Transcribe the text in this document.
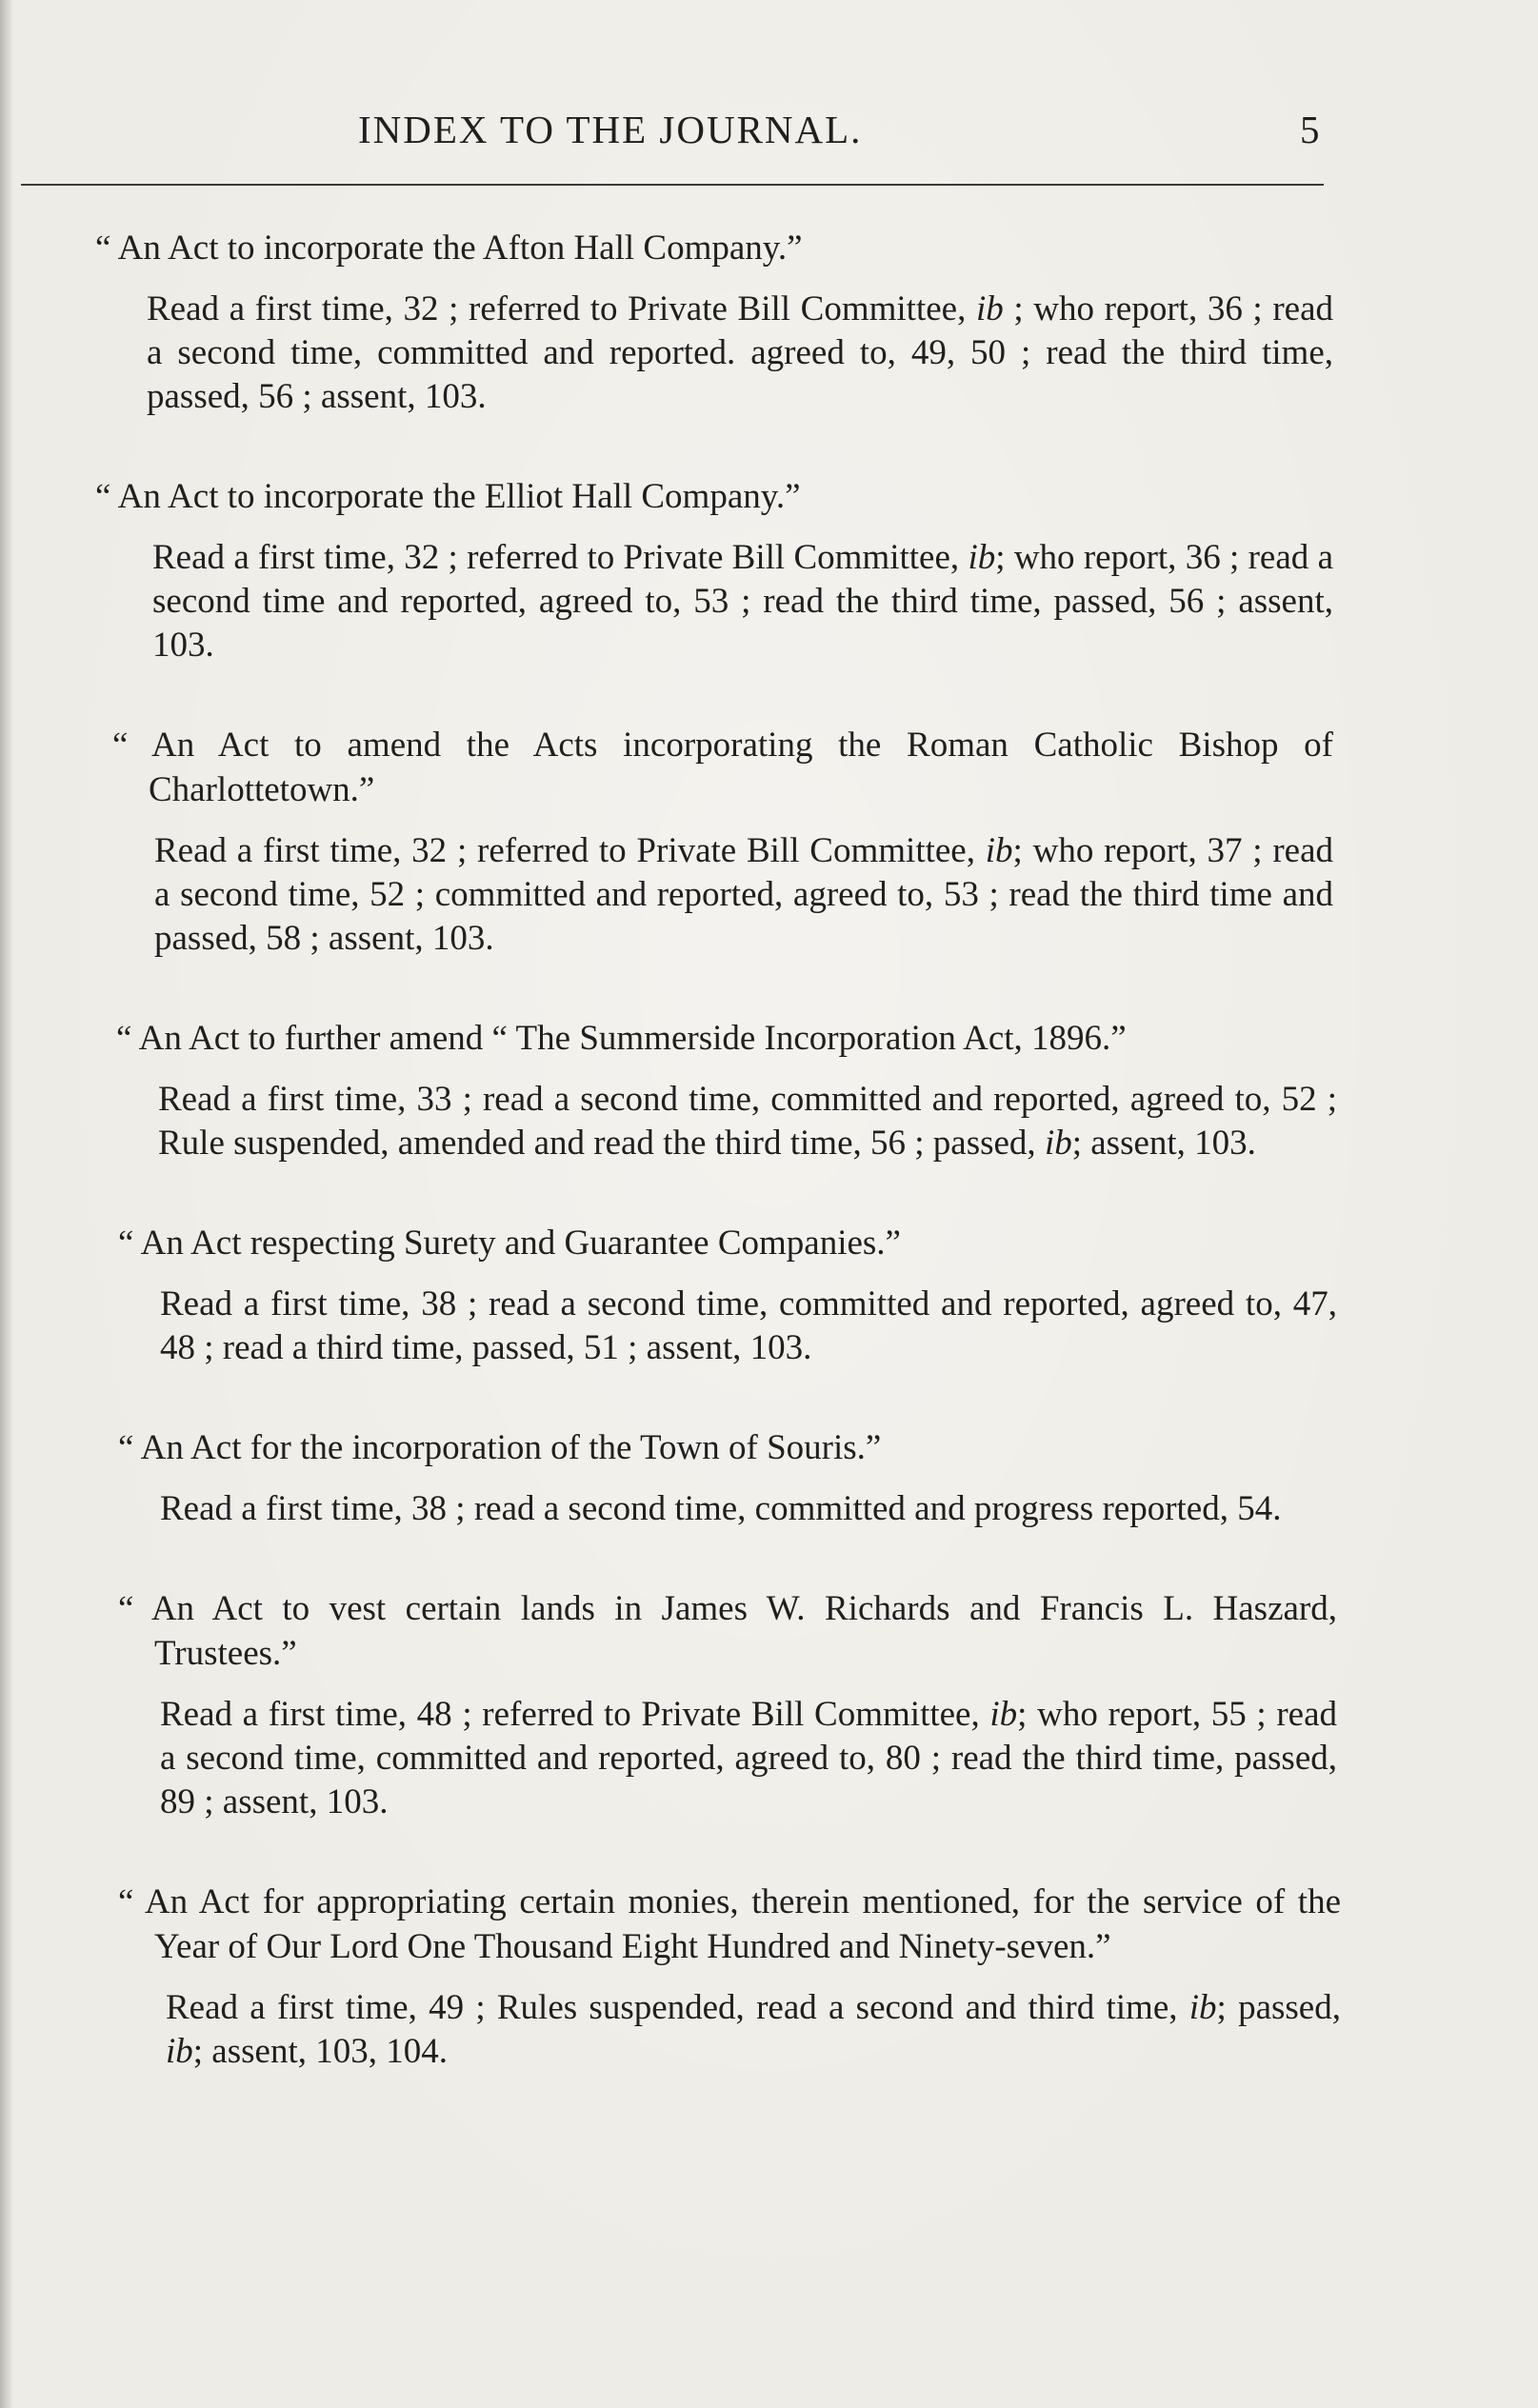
INDEX TO THE JOURNAL.	5

“ An Act to incorporate the Afton Hall Company.”

Read a first time, 32 ; referred to Private Bill Committee, ib ; who report, 36 ; read a second time, committed and reported. agreed to, 49, 50 ; read the third time, passed, 56 ; assent, 103.

“ An Act to incorporate the Elliot Hall Company.”

Read a first time, 32 ; referred to Private Bill Committee, ib; who report, 36 ; read a second time and reported, agreed to, 53 ; read the third time, passed, 56 ; assent, 103.

“ An Act to amend the Acts incorporating the Roman Catholic Bishop of Charlottetown.”

Read a first time, 32 ; referred to Private Bill Committee, ib; who report, 37 ; read a second time, 52 ; committed and reported, agreed to, 53 ; read the third time and passed, 58 ; assent, 103.

“ An Act to further amend “ The Summerside Incorporation Act, 1896.”

Read a first time, 33 ; read a second time, committed and reported, agreed to, 52 ; Rule suspended, amended and read the third time, 56 ; passed, ib; assent, 103.

“ An Act respecting Surety and Guarantee Companies.”

Read a first time, 38 ; read a second time, committed and reported, agreed to, 47, 48 ; read a third time, passed, 51 ; assent, 103.

“ An Act for the incorporation of the Town of Souris.”

Read a first time, 38 ; read a second time, committed and progress reported, 54.

“ An Act to vest certain lands in James W. Richards and Francis L. Haszard, Trustees.”

Read a first time, 48 ; referred to Private Bill Committee, ib; who report, 55 ; read a second time, committed and reported, agreed to, 80 ; read the third time, passed, 89 ; assent, 103.

“ An Act for appropriating certain monies, therein mentioned, for the service of the Year of Our Lord One Thousand Eight Hundred and Ninety-seven.”

Read a first time, 49 ; Rules suspended, read a second and third time, ib; passed, ib; assent, 103, 104.
